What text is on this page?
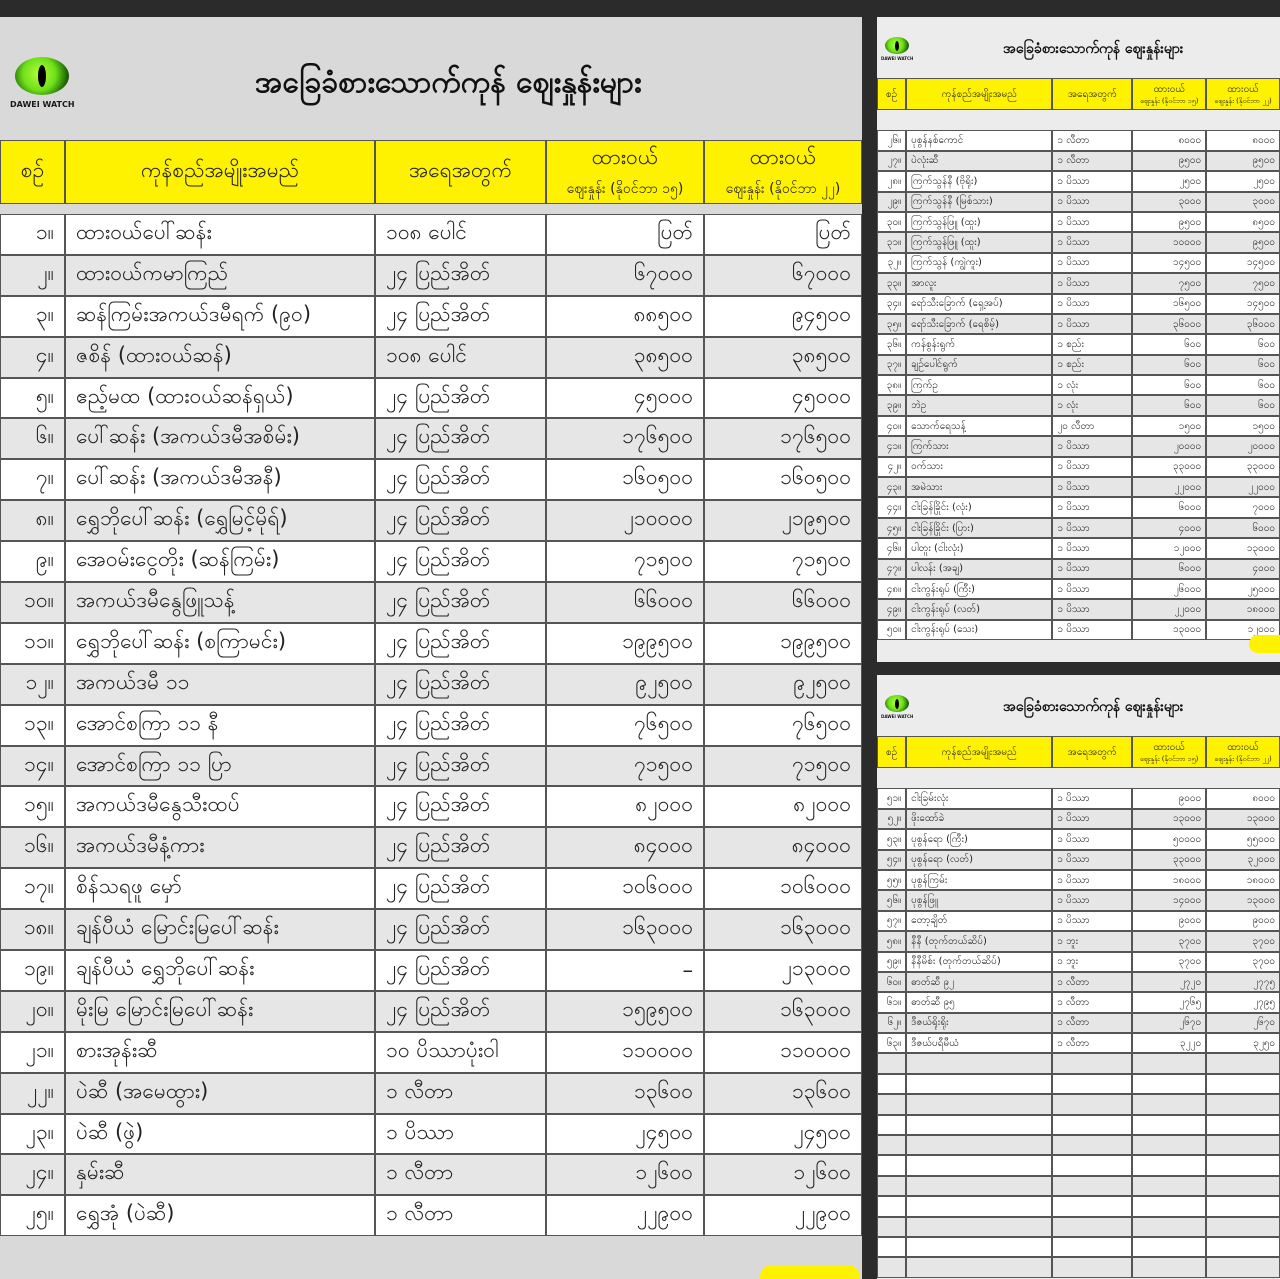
DAWEI WATCH
အခြေခံစားသောက်ကုန် ဈေးနှုန်းများ
စဉ်	ကုန်စည်အမျိုးအမည်	အရေအတွက်	ထားဝယ်
ဈေးနှုန်း (နိုဝင်ဘာ ၁၅)	ထားဝယ်
ဈေးနှုန်း (နိုဝင်ဘာ ၂၂)

၁။	ထားဝယ်ပေါ်ဆန်း	၁၀၈ ပေါင်	ပြတ်	ပြတ်
၂။	ထားဝယ်ကမာကြည်	၂၄ ပြည်အိတ်	၆၇၀၀၀	၆၇၀၀၀
၃။	ဆန်ကြမ်းအကယ်ဒမီရက် (၉၀)	၂၄ ပြည်အိတ်	၈၈၅၀၀	၉၄၅၀၀
၄။	ဇစိန် (ထားဝယ်ဆန်)	၁၀၈ ပေါင်	၃၈၅၀၀	၃၈၅၀၀
၅။	ဧည့်မထ (ထားဝယ်ဆန်ရှယ်)	၂၄ ပြည်အိတ်	၄၅၀၀၀	၄၅၀၀၀
၆။	ပေါ်ဆန်း (အကယ်ဒမီအစိမ်း)	၂၄ ပြည်အိတ်	၁၇၆၅၀၀	၁၇၆၅၀၀
၇။	ပေါ်ဆန်း (အကယ်ဒမီအနီ)	၂၄ ပြည်အိတ်	၁၆၀၅၀၀	၁၆၀၅၀၀
၈။	ရွှေဘိုပေါ်ဆန်း (ရွှေမြင့်မိုရ်)	၂၄ ပြည်အိတ်	၂၁၀၀၀၀	၂၁၉၅၀၀
၉။	အေဝမ်းငွေတိုး (ဆန်ကြမ်း)	၂၄ ပြည်အိတ်	၇၁၅၀၀	၇၁၅၀၀
၁၀။	အကယ်ဒမီနွေဖြူသန့်	၂၄ ပြည်အိတ်	၆၆၀၀၀	၆၆၀၀၀
၁၁။	ရွှေဘိုပေါ်ဆန်း (စကြာမင်း)	၂၄ ပြည်အိတ်	၁၉၉၅၀၀	၁၉၉၅၀၀
၁၂။	အကယ်ဒမီ ၁၁	၂၄ ပြည်အိတ်	၉၂၅၀၀	၉၂၅၀၀
၁၃။	အောင်စကြာ ၁၁ နီ	၂၄ ပြည်အိတ်	၇၆၅၀၀	၇၆၅၀၀
၁၄။	အောင်စကြာ ၁၁ ပြာ	၂၄ ပြည်အိတ်	၇၁၅၀၀	၇၁၅၀၀
၁၅။	အကယ်ဒမီနွေသီးထပ်	၂၄ ပြည်အိတ်	၈၂၀၀၀	၈၂၀၀၀
၁၆။	အကယ်ဒမီနံ့ကား	၂၄ ပြည်အိတ်	၈၄၀၀၀	၈၄၀၀၀
၁၇။	စိန်သရဖူ မှော်	၂၄ ပြည်အိတ်	၁၀၆၀၀၀	၁၀၆၀၀၀
၁၈။	ချန်ပီယံ မြောင်းမြပေါ်ဆန်း	၂၄ ပြည်အိတ်	၁၆၃၀၀၀	၁၆၃၀၀၀
၁၉။	ချန်ပီယံ ရွှေဘိုပေါ်ဆန်း	၂၄ ပြည်အိတ်	–	၂၁၃၀၀၀
၂၀။	မိုးမြ မြောင်းမြပေါ်ဆန်း	၂၄ ပြည်အိတ်	၁၅၉၅၀၀	၁၆၃၀၀၀
၂၁။	စားအုန်းဆီ	၁၀ ပိဿာပုံးဝါ	၁၁၀၀၀၀	၁၁၀၀၀၀
၂၂။	ပဲဆီ (အမေထွား)	၁ လီတာ	၁၃၆၀၀	၁၃၆၀၀
၂၃။	ပဲဆီ (ဖွဲ)	၁ ပိဿာ	၂၄၅၀၀	၂၄၅၀၀
၂၄။	နှမ်းဆီ	၁ လီတာ	၁၂၆၀၀	၁၂၆၀၀
၂၅။	ရွှေအုံ (ပဲဆီ)	၁ လီတာ	၂၂၉၀၀	၂၂၉၀၀
DAWEI WATCH
အခြေခံစားသောက်ကုန် ဈေးနှုန်းများ
စဉ်	ကုန်စည်အမျိုးအမည်	အရေအတွက်	ထားဝယ်
ဈေးနှုန်း (နိုဝင်ဘာ ၁၅)	ထားဝယ်
ဈေးနှုန်း (နိုဝင်ဘာ ၂၂)

၂၆။	ပုစွန်နစ်ကောင်	၁ လီတာ	၈၀၀၀	၈၀၀၀
၂၇။	ပဲလုံးဆီ	၁ လီတာ	၉၅၀၀	၉၅၀၀
၂၈။	ကြက်သွန်နီ (ဗိုရိုး)	၁ ပိဿာ	၂၅၀၀	၂၅၀၀
၂၉။	ကြက်သွန်နီ (မြစ်သား)	၁ ပိဿာ	၃၀၀၀	၃၀၀၀
၃၀။	ကြက်သွန်ဖြူ (ထူး)	၁ ပိဿာ	၉၅၀၀	၈၅၀၀
၃၁။	ကြက်သွန်ဖြူ (ထူး)	၁ ပိဿာ	၁၀၀၀၀	၉၅၀၀
၃၂။	ကြက်သွန် (ကျွဲကူး)	၁ ပိဿာ	၁၄၅၀၀	၁၄၅၀၀
၃၃။	အာလူး	၁ ပိဿာ	၇၅၀၀	၇၅၀၀
၃၄။	ရော်သီးခြောက် (ရှေ့အပ်)	၁ ပိဿာ	၁၆၅၀၀	၁၄၅၀၀
၃၅။	ရော်သီးခြောက် (ရေစိမ့်)	၁ ပိဿာ	၃၆၀၀၀	၃၆၀၀၀
၃၆။	ကန်စွန်းရွက်	၁ စည်း	၆၀၀	၆၀၀
၃၇။	ချဉ်ပေါင်ရွက်	၁ စည်း	၆၀၀	၆၀၀
၃၈။	ကြက်ဥ	၁ လုံး	၆၀၀	၆၀၀
၃၉။	ဘဲဥ	၁ လုံး	၆၀၀	၆၀၀
၄၀။	သောက်ရေသန့်	၂၀ လီတာ	၁၅၀၀	၁၅၀၀
၄၁။	ကြက်သား	၁ ပိဿာ	၂၀၀၀၀	၂၀၀၀၀
၄၂။	ဝက်သား	၁ ပိဿာ	၃၃၀၀၀	၃၃၀၀၀
၄၃။	အမဲသား	၁ ပိဿာ	၂၂၀၀၀	၂၂၀၀၀
၄၄။	ငါးခြန်ခြိုင်း (လုံး)	၁ ပိဿာ	၆၀၀၀	၇၀၀၀
၄၅။	ငါးခြန်ခြိုင်း (ပြား)	၁ ပိဿာ	၄၀၀၀	၆၀၀၀
၄၆။	ပါတူး (ငါးလုံး)	၁ ပိဿာ	၁၂၀၀၀	၁၃၀၀၀
၄၇။	ပါလန်း (အချ)	၁ ပိဿာ	၆၀၀၀	၄၀၀၀
၄၈။	ငါးကွန်းရုပ် (ကြီး)	၁ ပိဿာ	၂၆၀၀၀	၂၅၀၀၀
၄၉။	ငါးကွန်းရုပ် (လတ်)	၁ ပိဿာ	၂၂၀၀၀	၁၈၀၀၀
၅၀။	ငါးကွန်းရုပ် (သေး)	၁ ပိဿာ	၁၃၀၀၀	၁၂၀၀၀
DAWEI WATCH
အခြေခံစားသောက်ကုန် ဈေးနှုန်းများ
စဉ်	ကုန်စည်အမျိုးအမည်	အရေအတွက်	ထားဝယ်
ဈေးနှုန်း (နိုဝင်ဘာ ၁၅)	ထားဝယ်
ဈေးနှုန်း (နိုဝင်ဘာ ၂၂)

၅၁။	ငါးခြမ်းလုံး	၁ ပိဿာ	၉၀၀၀	၈၀၀၀
၅၂။	ဖိုးထော်ခဲ	၁ ပိဿာ	၁၃၀၀၀	၁၃၀၀၀
၅၃။	ပုစွန်ရော (ကြီး)	၁ ပိဿာ	၅၀၀၀၀	၅၅၀၀၀
၅၄။	ပုစွန်ရော (လတ်)	၁ ပိဿာ	၃၃၀၀၀	၃၂၀၀၀
၅၅။	ပုစွန်ကြမ်း	၁ ပိဿာ	၁၈၀၀၀	၁၈၀၀၀
၅၆။	ပုစွန်ဖြူ	၁ ပိဿာ	၁၄၀၀၀	၁၃၀၀၀
၅၇။	တော့ချိတ်	၁ ပိဿာ	၉၀၀၀	၉၀၀၀
၅၈။	နီနီ (တုက်တယ်ဆိပ်)	၁ ဘူး	၃၇၀၀	၃၇၀၀
၅၉။	နီနီမိစ်း (တုက်တယ်ဆိပ်)	၁ ဘူး	၃၇၀၀	၃၇၀၀
၆၀။	ဓာတ်ဆီ ၉၂	၁ လီတာ	၂၇၂၀	၂၇၇၅
၆၁။	ဓာတ်ဆီ ၉၅	၁ လီတာ	၂၇၆၅	၂၇၉၅
၆၂။	ဒီဇယ်ရိုးရိုး	၁ လီတာ	၂၆၇၀	၂၆၇၀
၆၃။	ဒီဇယ်ပရီမီယံ	၁ လီတာ	၃၂၂၀	၃၂၅၀
